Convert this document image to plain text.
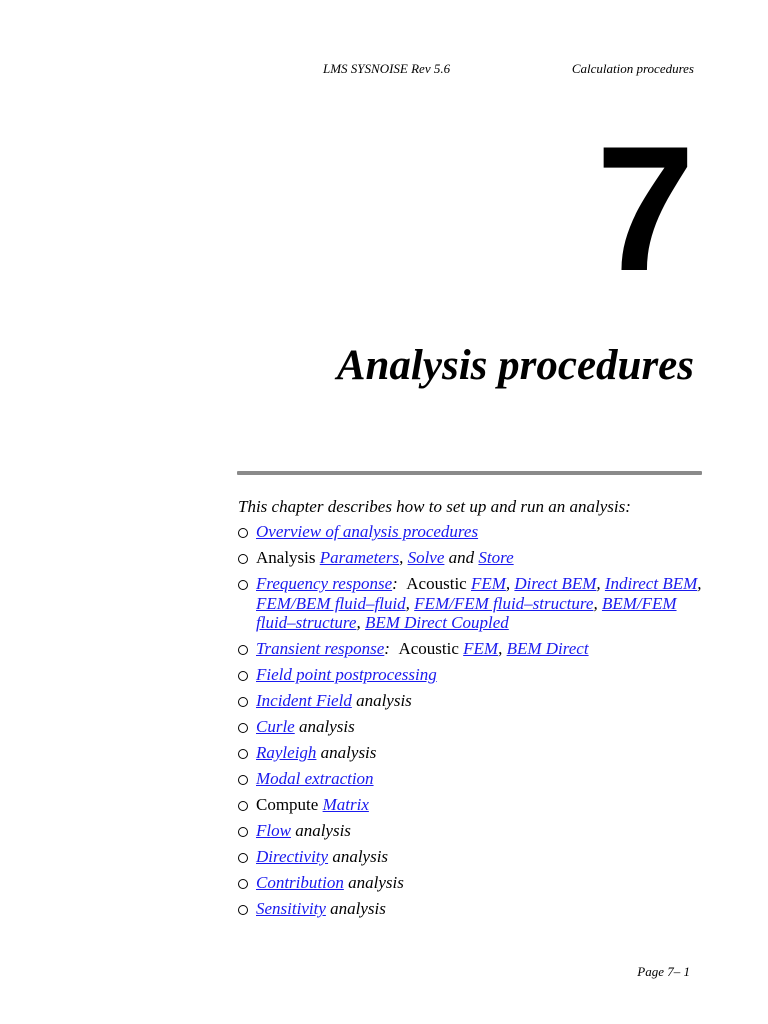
LMS SYSNOISE Rev 5.6	Calculation procedures
7
Analysis procedures
This chapter describes how to set up and run an analysis:
Overview of analysis procedures
Analysis Parameters, Solve and Store
Frequency response:  Acoustic FEM, Direct BEM, Indirect BEM, FEM/BEM fluid–fluid, FEM/FEM fluid–structure, BEM/FEM fluid–structure, BEM Direct Coupled
Transient response:  Acoustic FEM, BEM Direct
Field point postprocessing
Incident Field analysis
Curle analysis
Rayleigh analysis
Modal extraction
Compute Matrix
Flow analysis
Directivity analysis
Contribution analysis
Sensitivity analysis
Page 7– 1
